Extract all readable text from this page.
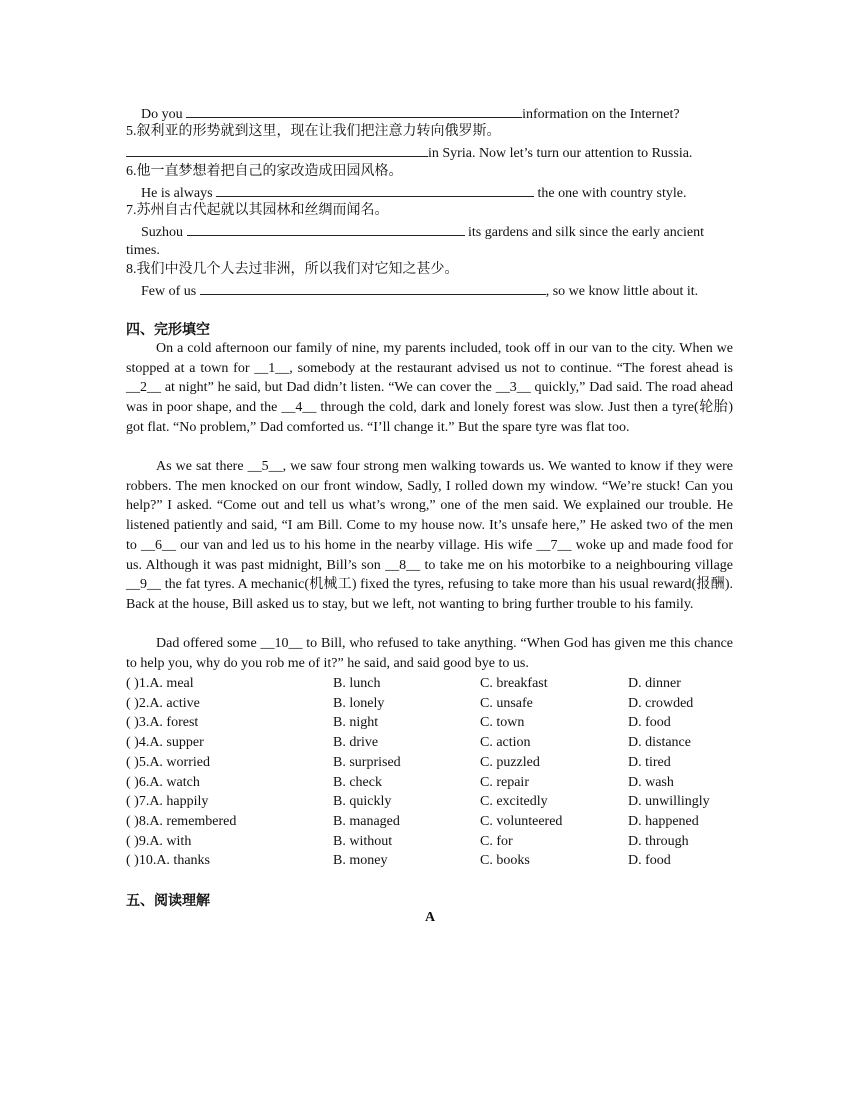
Do you	information on the Internet?
5.叙利亚的形势就到这里，现在让我们把注意力转向俄罗斯。
in Syria. Now let’s turn our attention to Russia.
6.他一直梦想着把自己的家改造成田园风格。
He is always	the one with country style.
7.苏州自古代起就以其园林和丝绸而闻名。
Suzhou	its gardens and silk since the early ancient
times.
8.我们中没几个人去过非洲，所以我们对它知之甚少。
Few of us	, so we know little about it.
四、完形填空
On a cold afternoon our family of nine, my parents included, took off in our van to the city. When we stopped at a town for __1__, somebody at the restaurant advised us not to continue. “The forest ahead is __2__ at night” he said, but Dad didn’t listen. “We can cover the __3__ quickly,” Dad said. The road ahead was in poor shape, and the __4__ through the cold, dark and lonely forest was slow. Just then a tyre(轮胎) got flat. “No problem,” Dad comforted us. “I’ll change it.” But the spare tyre was flat too.
As we sat there __5__, we saw four strong men walking towards us. We wanted to know if they were robbers. The men knocked on our front window, Sadly, I rolled down my window. “We’re stuck! Can you help?” I asked. “Come out and tell us what’s wrong,” one of the men said. We explained our trouble. He listened patiently and said, “I am Bill. Come to my house now. It’s unsafe here,” He asked two of the men to __6__ our van and led us to his home in the nearby village. His wife __7__ woke up and made food for us. Although it was past midnight, Bill’s son __8__ to take me on his motorbike to a neighbouring village __9__ the fat tyres. A mechanic(机械工) fixed the tyres, refusing to take more than his usual reward(报酬). Back at the house, Bill asked us to stay, but we left, not wanting to bring further trouble to his family.
Dad offered some __10__ to Bill, who refused to take anything. “When God has given me this chance to help you, why do you rob me of it?” he said, and said good bye to us.
( )1.A. meal	B. lunch	C. breakfast	D. dinner
( )2.A. active	B. lonely	C. unsafe	D. crowded
( )3.A. forest	B. night	C. town	D. food
( )4.A. supper	B. drive	C. action	D. distance
( )5.A. worried	B. surprised	C. puzzled	D. tired
( )6.A. watch	B. check	C. repair	D. wash
( )7.A. happily	B. quickly	C. excitedly	D. unwillingly
( )8.A. remembered	B. managed	C. volunteered	D. happened
( )9.A. with	B. without	C. for	D. through
( )10.A. thanks	B. money	C. books	D. food
五、阅读理解
A
